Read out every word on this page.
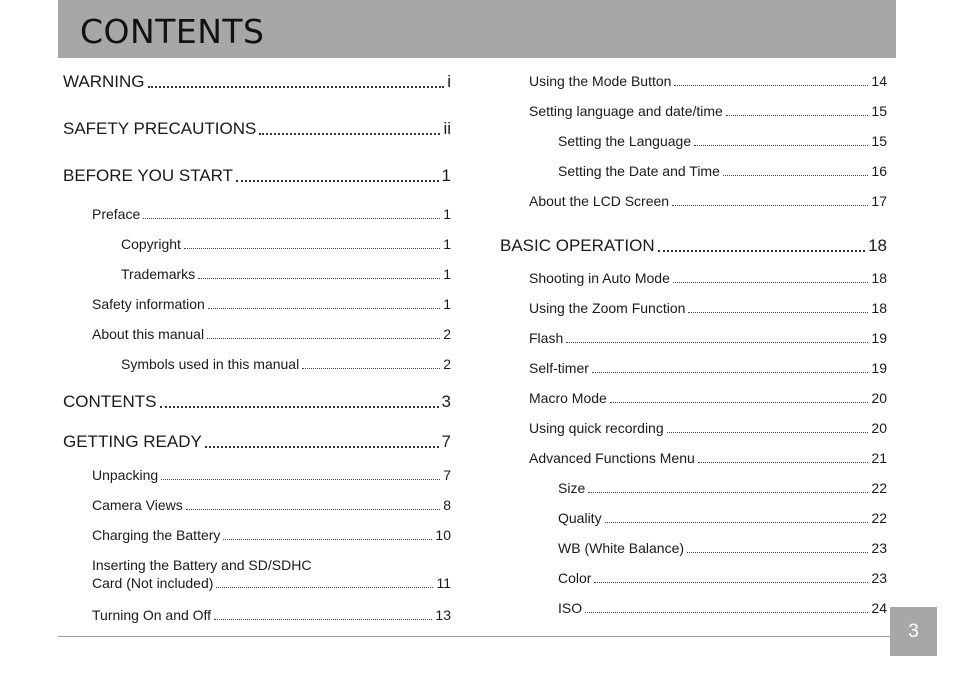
CONTENTS
WARNING	i
SAFETY PRECAUTIONS	ii
BEFORE YOU START	1
Preface	1
Copyright	1
Trademarks	1
Safety information	1
About this manual	2
Symbols used in this manual	2
CONTENTS	3
GETTING READY	7
Unpacking	7
Camera Views	8
Charging the Battery	10
Inserting the Battery and SD/SDHC
Card (Not included)	11
Turning On and Off	13
Using the Mode Button	14
Setting language and date/time	15
Setting the Language	15
Setting the Date and Time	16
About the LCD Screen	17
BASIC OPERATION	18
Shooting in Auto Mode	18
Using the Zoom Function	18
Flash	19
Self-timer	19
Macro Mode	20
Using quick recording	20
Advanced Functions Menu	21
Size	22
Quality	22
WB (White Balance)	23
Color	23
ISO	24
3
